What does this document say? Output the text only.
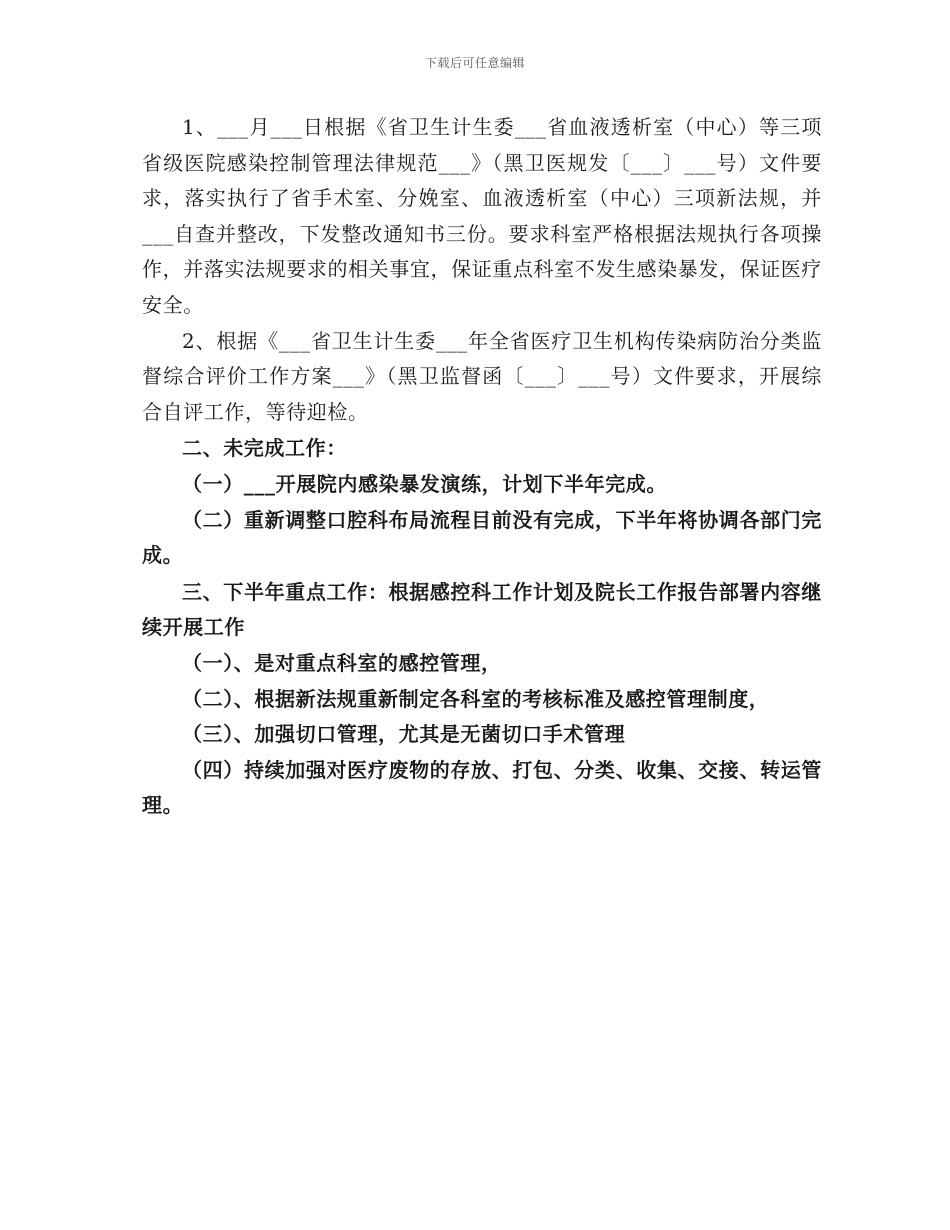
下载后可任意编辑

1、___月___日根据《省卫生计生委___省血液透析室（中心）等三项省级医院感染控制管理法律规范___》（黑卫医规发〔___〕___号）文件要求，落实执行了省手术室、分娩室、血液透析室（中心）三项新法规，并___自查并整改，下发整改通知书三份。要求科室严格根据法规执行各项操作，并落实法规要求的相关事宜，保证重点科室不发生感染暴发，保证医疗安全。

2、根据《___省卫生计生委___年全省医疗卫生机构传染病防治分类监督综合评价工作方案___》（黑卫监督函〔___〕___号）文件要求，开展综合自评工作，等待迎检。

二、未完成工作：

（一）___开展院内感染暴发演练，计划下半年完成。

（二）重新调整口腔科布局流程目前没有完成，下半年将协调各部门完成。

三、下半年重点工作：根据感控科工作计划及院长工作报告部署内容继续开展工作

（一）、是对重点科室的感控管理，

（二）、根据新法规重新制定各科室的考核标准及感控管理制度，

（三）、加强切口管理，尤其是无菌切口手术管理

（四）持续加强对医疗废物的存放、打包、分类、收集、交接、转运管理。
